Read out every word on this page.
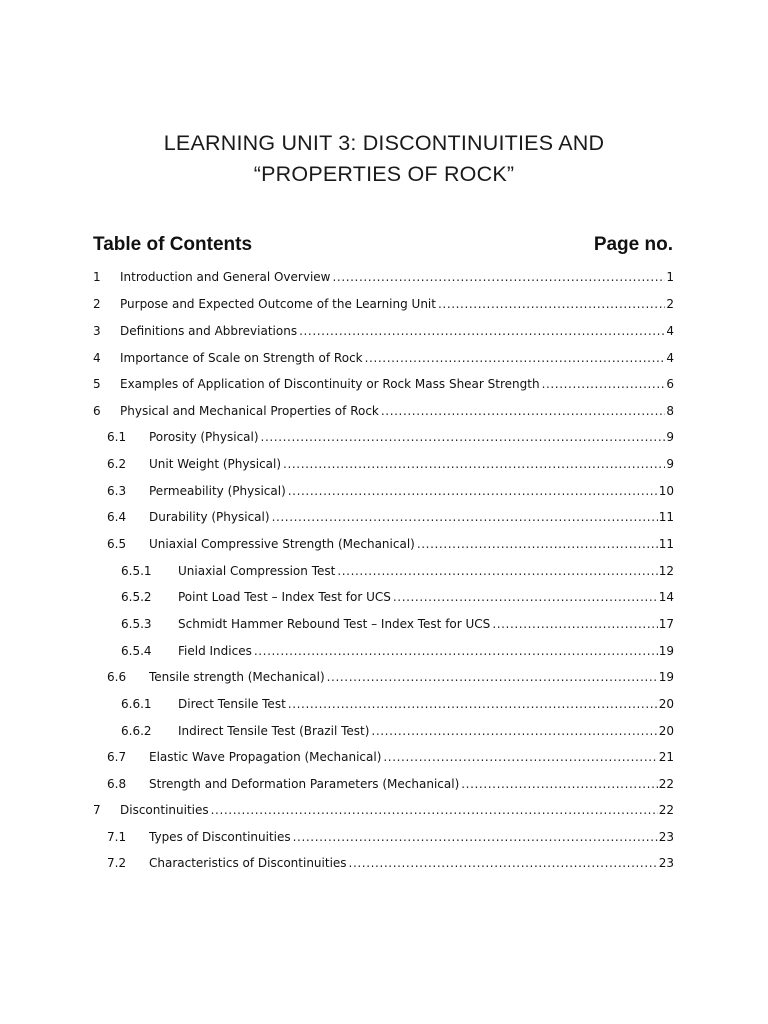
LEARNING UNIT 3: DISCONTINUITIES AND
“PROPERTIES OF ROCK”
Table of Contents	Page no.
1 Introduction and General Overview .....	1
2 Purpose and Expected Outcome of the Learning Unit .....	2
3 Definitions and Abbreviations .....	4
4 Importance of Scale on Strength of Rock .....	4
5 Examples of Application of Discontinuity or Rock Mass Shear Strength .....	6
6 Physical and Mechanical Properties of Rock .....	8
6.1 Porosity (Physical) .....	9
6.2 Unit Weight (Physical) .....	9
6.3 Permeability (Physical) .....	10
6.4 Durability (Physical) .....	11
6.5 Uniaxial Compressive Strength (Mechanical) .....	11
6.5.1 Uniaxial Compression Test .....	12
6.5.2 Point Load Test – Index Test for UCS .....	14
6.5.3 Schmidt Hammer Rebound Test – Index Test for UCS .....	17
6.5.4 Field Indices .....	19
6.6 Tensile strength (Mechanical) .....	19
6.6.1 Direct Tensile Test .....	20
6.6.2 Indirect Tensile Test (Brazil Test) .....	20
6.7 Elastic Wave Propagation (Mechanical) .....	21
6.8 Strength and Deformation Parameters (Mechanical) .....	22
7 Discontinuities .....	22
7.1 Types of Discontinuities .....	23
7.2 Characteristics of Discontinuities .....	23
